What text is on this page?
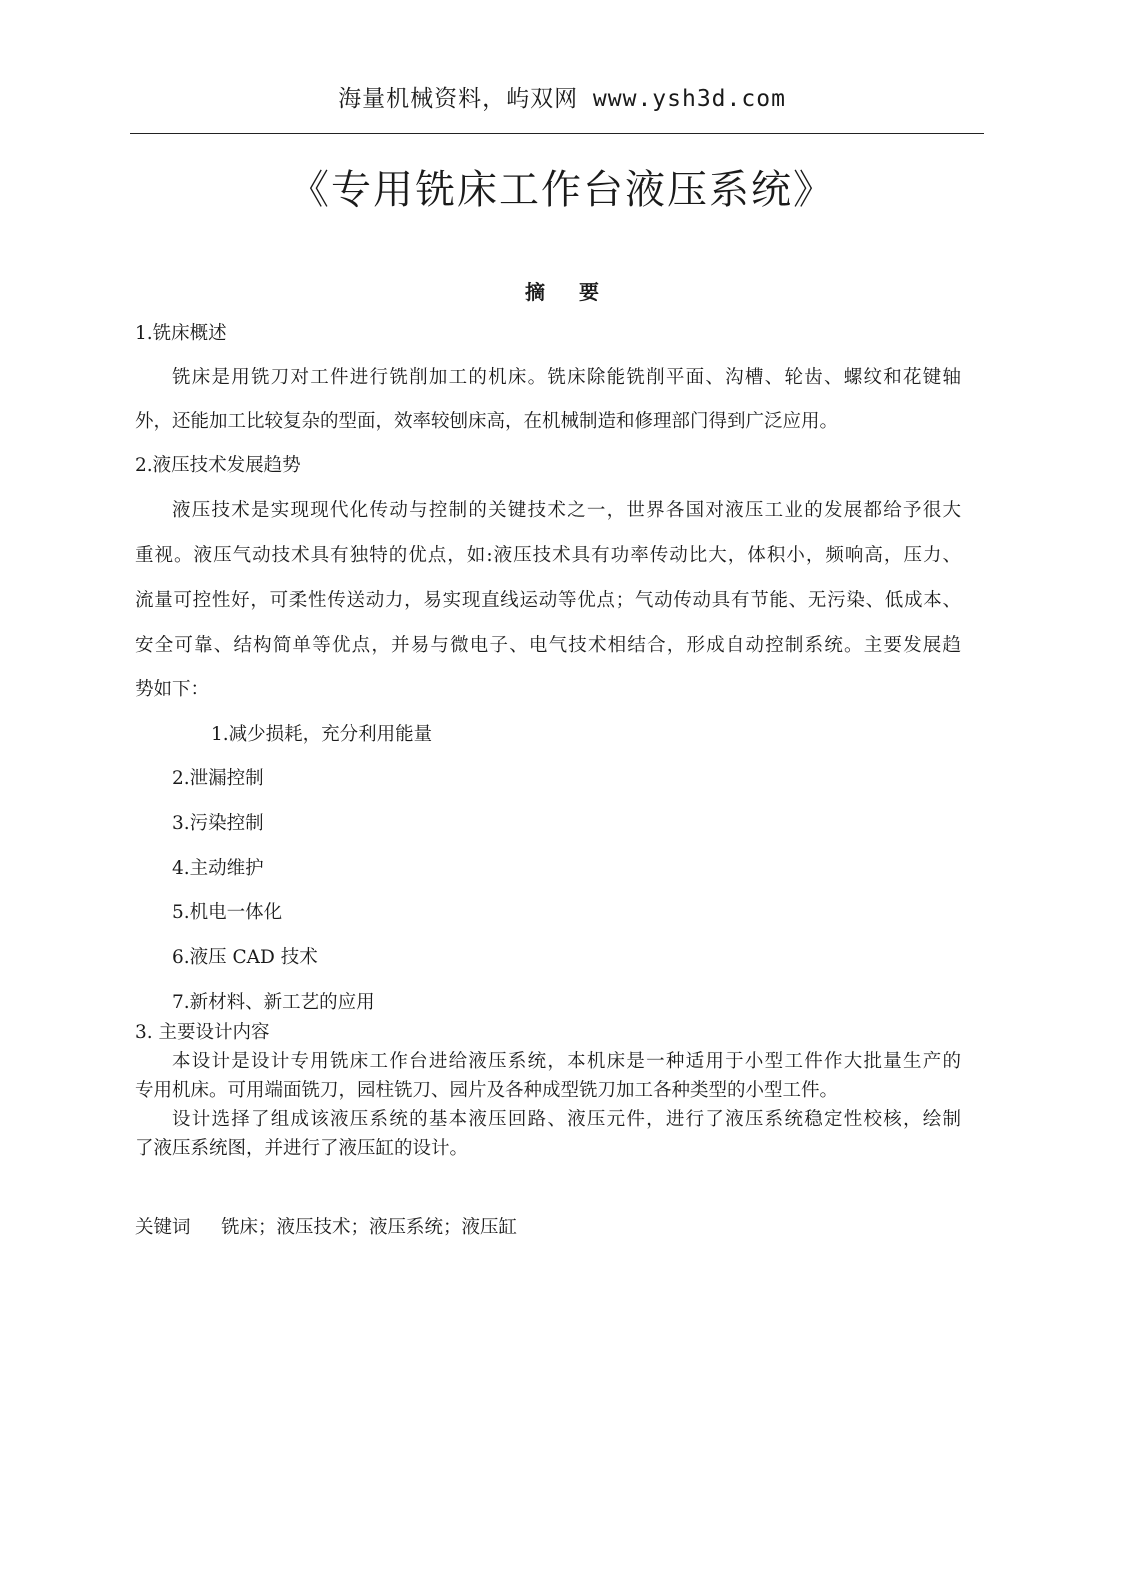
海量机械资料，屿双网 www.ysh3d.com
《专用铣床工作台液压系统》
摘要
1.铣床概述
铣床是用铣刀对工件进行铣削加工的机床。铣床除能铣削平面、沟槽、轮齿、螺纹和花键轴
外，还能加工比较复杂的型面，效率较刨床高，在机械制造和修理部门得到广泛应用。
2.液压技术发展趋势
液压技术是实现现代化传动与控制的关键技术之一，世界各国对液压工业的发展都给予很大
重视。液压气动技术具有独特的优点，如:液压技术具有功率传动比大，体积小，频响高，压力、
流量可控性好，可柔性传送动力，易实现直线运动等优点；气动传动具有节能、无污染、低成本、
安全可靠、结构简单等优点，并易与微电子、电气技术相结合，形成自动控制系统。主要发展趋
势如下：
1.减少损耗，充分利用能量
2.泄漏控制
3.污染控制
4.主动维护
5.机电一体化
6.液压 CAD 技术
7.新材料、新工艺的应用
3. 主要设计内容
本设计是设计专用铣床工作台进给液压系统，本机床是一种适用于小型工件作大批量生产的
专用机床。可用端面铣刀，园柱铣刀、园片及各种成型铣刀加工各种类型的小型工件。
设计选择了组成该液压系统的基本液压回路、液压元件，进行了液压系统稳定性校核，绘制
了液压系统图，并进行了液压缸的设计。
关键词 铣床；液压技术；液压系统；液压缸
